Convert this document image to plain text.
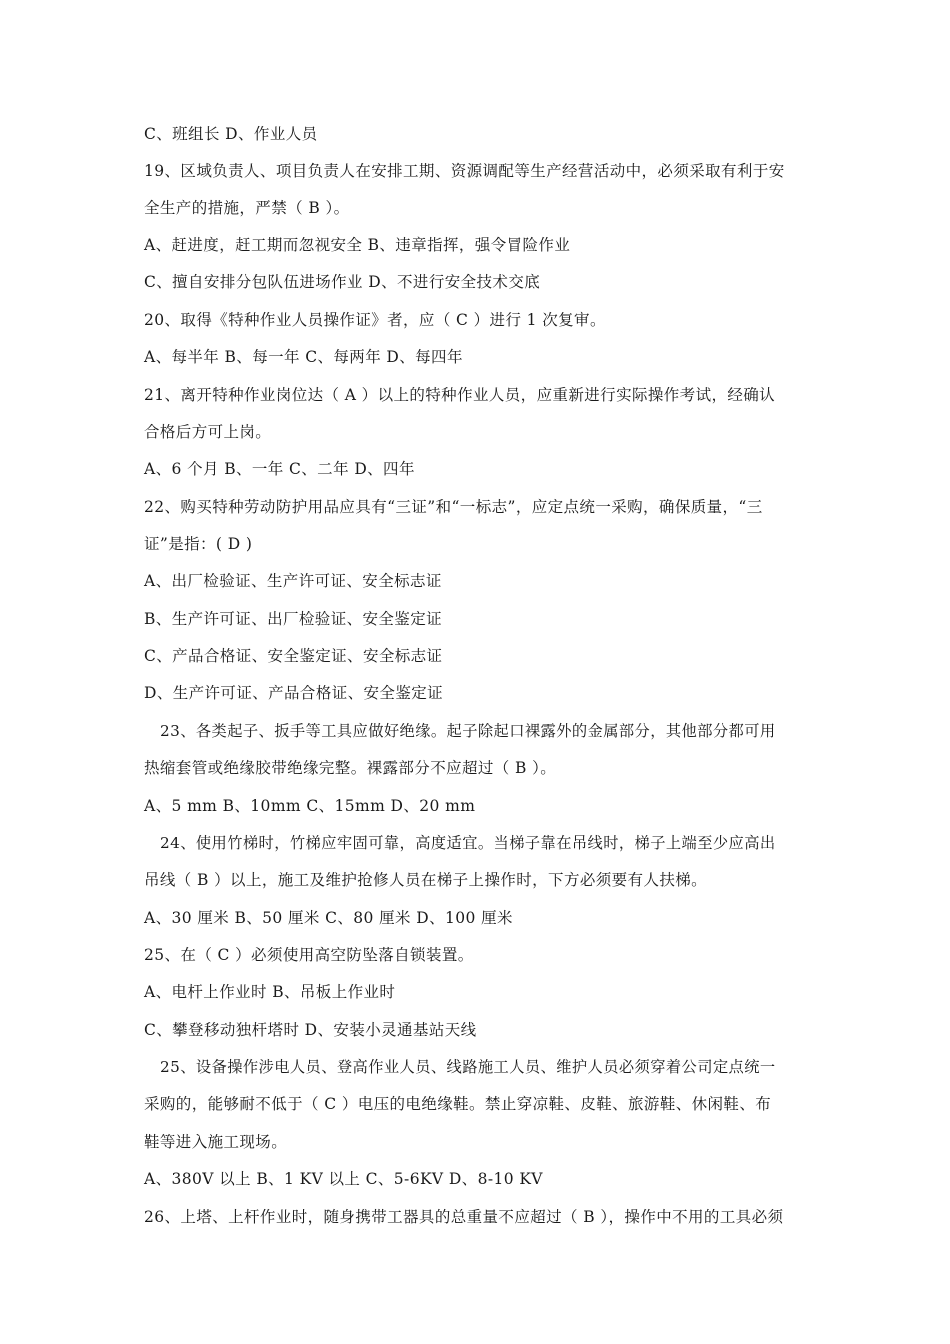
C、班组长 D、作业人员
19、区域负责人、项目负责人在安排工期、资源调配等生产经营活动中，必须采取有利于安
全生产的措施，严禁（ B ）。
A、赶进度，赶工期而忽视安全 B、违章指挥，强令冒险作业
C、擅自安排分包队伍进场作业 D、不进行安全技术交底
20、取得《特种作业人员操作证》者，应（ C ）进行 1 次复审。
A、每半年 B、每一年 C、每两年 D、每四年
21、离开特种作业岗位达（ A ）以上的特种作业人员，应重新进行实际操作考试，经确认
合格后方可上岗。
A、6 个月 B、一年 C、二年 D、四年
22、购买特种劳动防护用品应具有“三证”和“一标志”，应定点统一采购，确保质量，“三
证”是指：( D )
A、出厂检验证、生产许可证、安全标志证
B、生产许可证、出厂检验证、安全鉴定证
C、产品合格证、安全鉴定证、安全标志证
D、生产许可证、产品合格证、安全鉴定证
23、各类起子、扳手等工具应做好绝缘。起子除起口裸露外的金属部分，其他部分都可用
热缩套管或绝缘胶带绝缘完整。裸露部分不应超过（ B ）。
A、5 mm B、10mm C、15mm D、20 mm
24、使用竹梯时，竹梯应牢固可靠，高度适宜。当梯子靠在吊线时，梯子上端至少应高出
吊线（ B ）以上，施工及维护抢修人员在梯子上操作时，下方必须要有人扶梯。
A、30 厘米 B、50 厘米 C、80 厘米 D、100 厘米
25、在（ C ）必须使用高空防坠落自锁装置。
A、电杆上作业时 B、吊板上作业时
C、攀登移动独杆塔时 D、安装小灵通基站天线
25、设备操作涉电人员、登高作业人员、线路施工人员、维护人员必须穿着公司定点统一
采购的，能够耐不低于（ C ）电压的电绝缘鞋。禁止穿凉鞋、皮鞋、旅游鞋、休闲鞋、布
鞋等进入施工现场。
A、380V 以上 B、1 KV 以上 C、5-6KV D、8-10 KV
26、上塔、上杆作业时，随身携带工器具的总重量不应超过（ B ），操作中不用的工具必须
